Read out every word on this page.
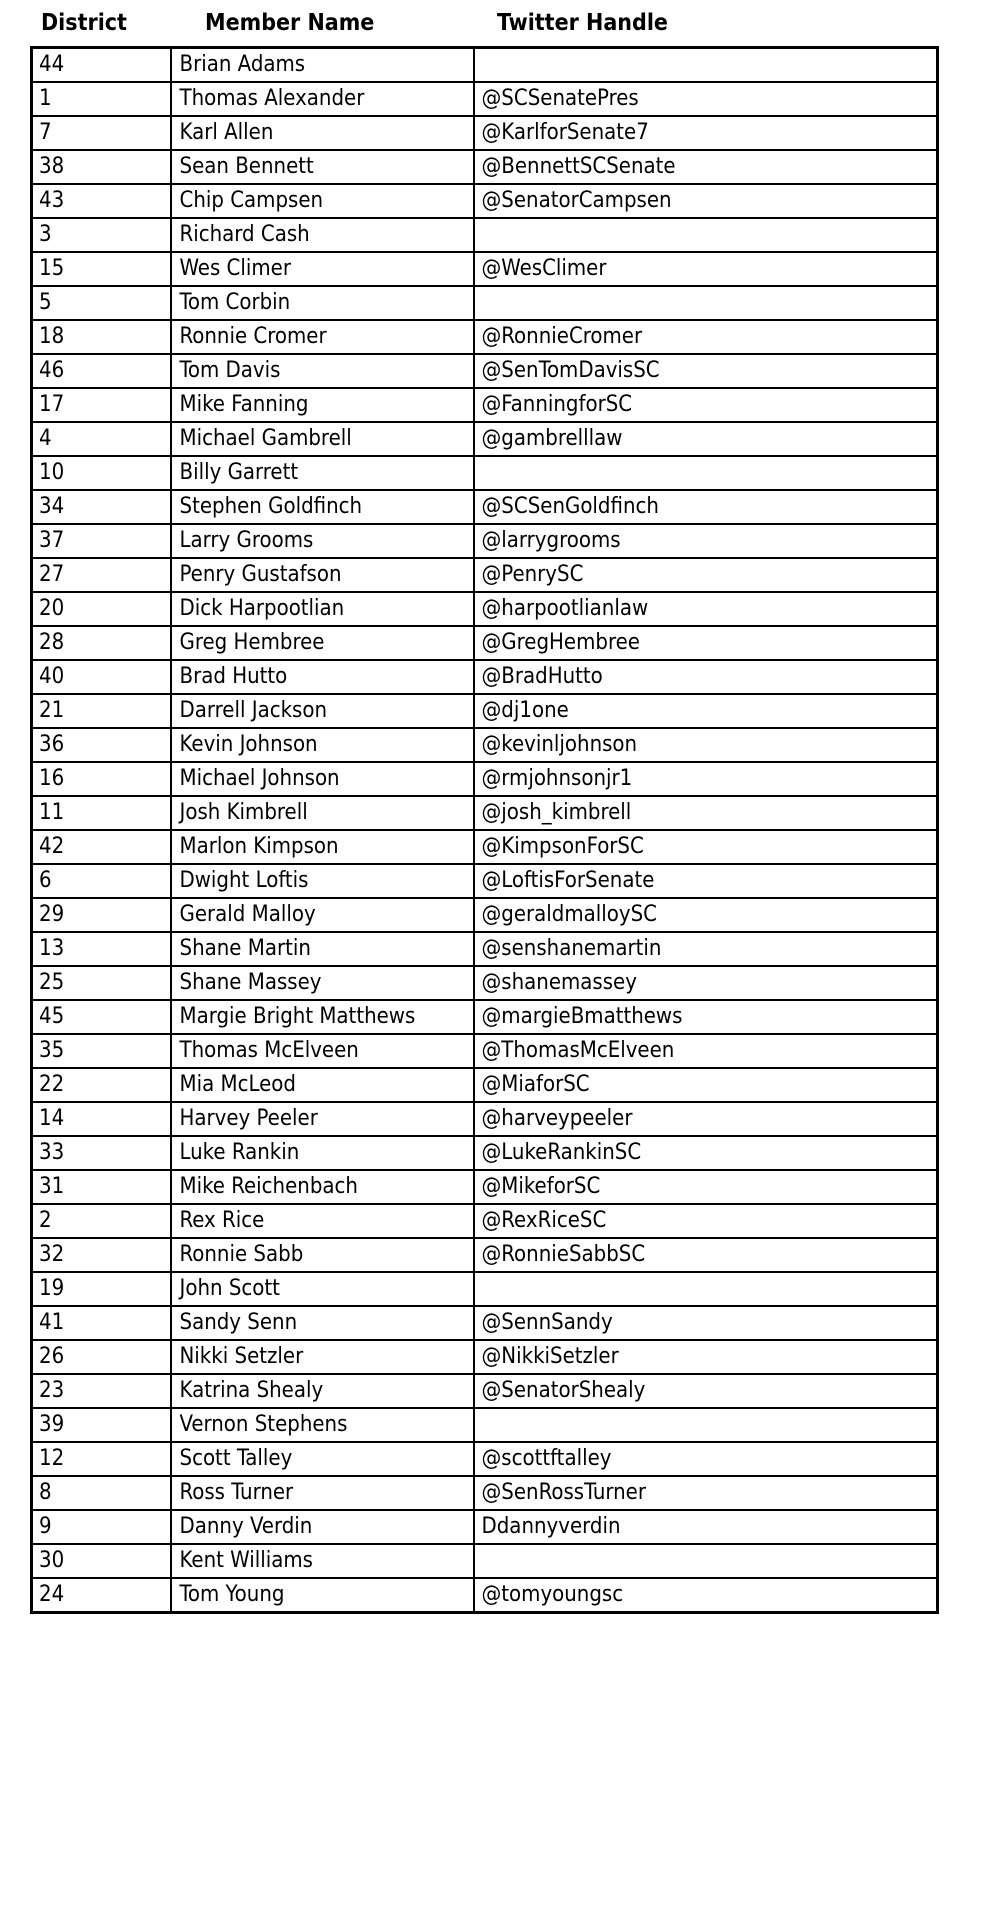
District	Member Name	Twitter Handle
44	Brian Adams	
1	Thomas Alexander	@SCSenatePres
7	Karl Allen	@KarlforSenate7
38	Sean Bennett	@BennettSCSenate
43	Chip Campsen	@SenatorCampsen
3	Richard Cash	
15	Wes Climer	@WesClimer
5	Tom Corbin	
18	Ronnie Cromer	@RonnieCromer
46	Tom Davis	@SenTomDavisSC
17	Mike Fanning	@FanningforSC
4	Michael Gambrell	@gambrelllaw
10	Billy Garrett	
34	Stephen Goldfinch	@SCSenGoldfinch
37	Larry Grooms	@larrygrooms
27	Penry Gustafson	@PenrySC
20	Dick Harpootlian	@harpootlianlaw
28	Greg Hembree	@GregHembree
40	Brad Hutto	@BradHutto
21	Darrell Jackson	@dj1one
36	Kevin Johnson	@kevinljohnson
16	Michael Johnson	@rmjohnsonjr1
11	Josh Kimbrell	@josh_kimbrell
42	Marlon Kimpson	@KimpsonForSC
6	Dwight Loftis	@LoftisForSenate
29	Gerald Malloy	@geraldmalloySC
13	Shane Martin	@senshanemartin
25	Shane Massey	@shanemassey
45	Margie Bright Matthews	@margieBmatthews
35	Thomas McElveen	@ThomasMcElveen
22	Mia McLeod	@MiaforSC
14	Harvey Peeler	@harveypeeler
33	Luke Rankin	@LukeRankinSC
31	Mike Reichenbach	@MikeforSC
2	Rex Rice	@RexRiceSC
32	Ronnie Sabb	@RonnieSabbSC
19	John Scott	
41	Sandy Senn	@SennSandy
26	Nikki Setzler	@NikkiSetzler
23	Katrina Shealy	@SenatorShealy
39	Vernon Stephens	
12	Scott Talley	@scottftalley
8	Ross Turner	@SenRossTurner
9	Danny Verdin	Ddannyverdin
30	Kent Williams	
24	Tom Young	@tomyoungsc
